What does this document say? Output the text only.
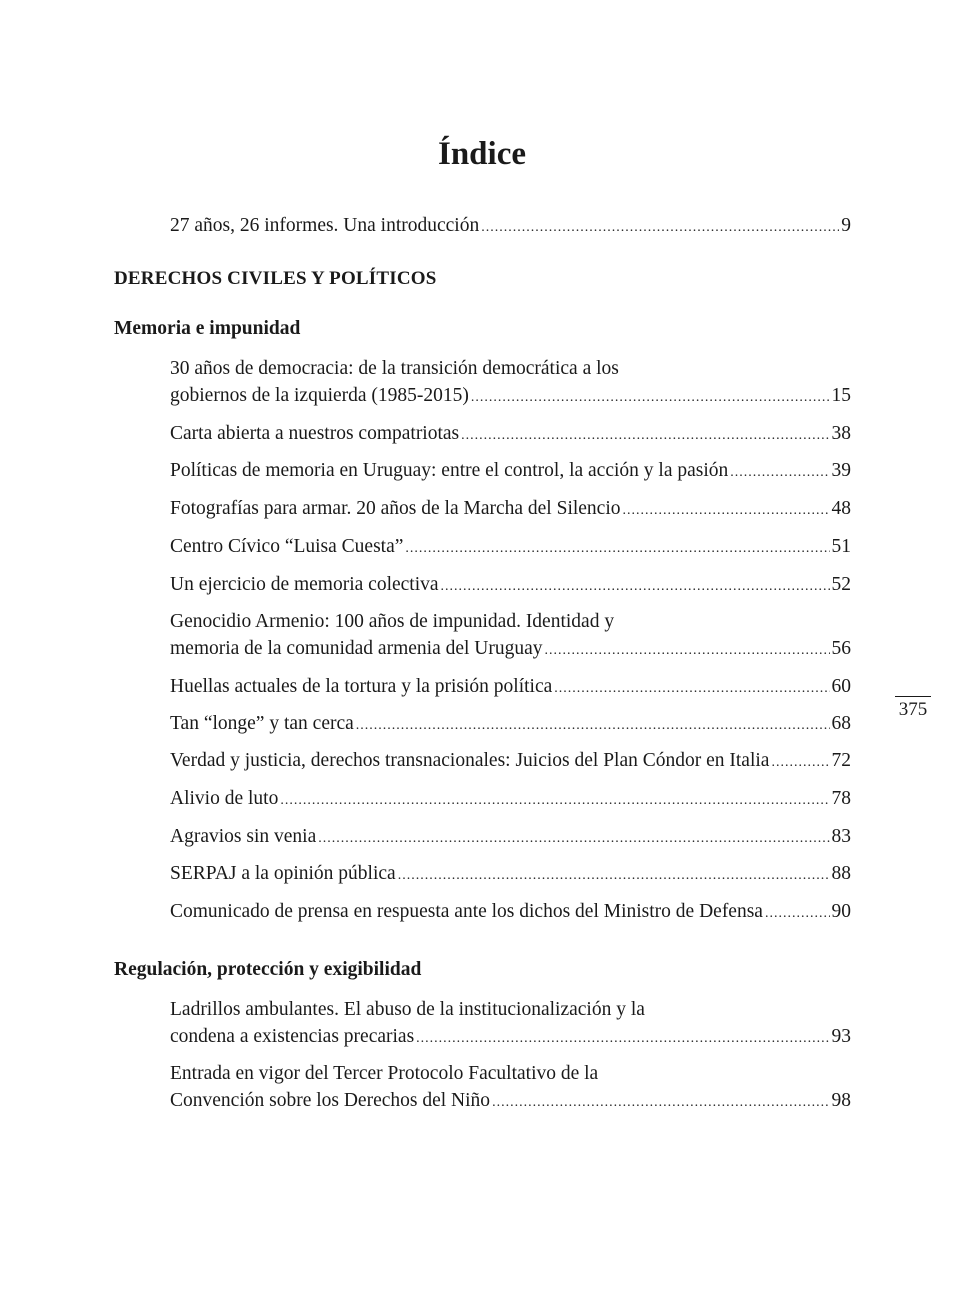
Índice
27 años, 26 informes. Una introducción .....	9
DERECHOS CIVILES Y POLÍTICOS
Memoria e impunidad
30 años de democracia: de la transición democrática a los
gobiernos de la izquierda (1985-2015) .....	15
Carta abierta a nuestros compatriotas .....	38
Políticas de memoria en Uruguay: entre el control, la acción y la pasión .....	39
Fotografías para armar. 20 años de la Marcha del Silencio .....	48
Centro Cívico “Luisa Cuesta” .....	51
Un ejercicio de memoria colectiva .....	52
Genocidio Armenio: 100 años de impunidad. Identidad y
memoria de la comunidad armenia del Uruguay .....	56
Huellas actuales de la tortura y la prisión política .....	60
Tan “longe” y tan cerca .....	68
Verdad y justicia, derechos transnacionales: Juicios del Plan Cóndor en Italia .....	72
Alivio de luto .....	78
Agravios sin venia .....	83
SERPAJ a la opinión pública .....	88
Comunicado de prensa en respuesta ante los dichos del Ministro de Defensa .....	90
Regulación, protección y exigibilidad
Ladrillos ambulantes. El abuso de la institucionalización y la
condena a existencias precarias .....	93
Entrada en vigor del Tercer Protocolo Facultativo de la
Convención sobre los Derechos del Niño .....	98
375
